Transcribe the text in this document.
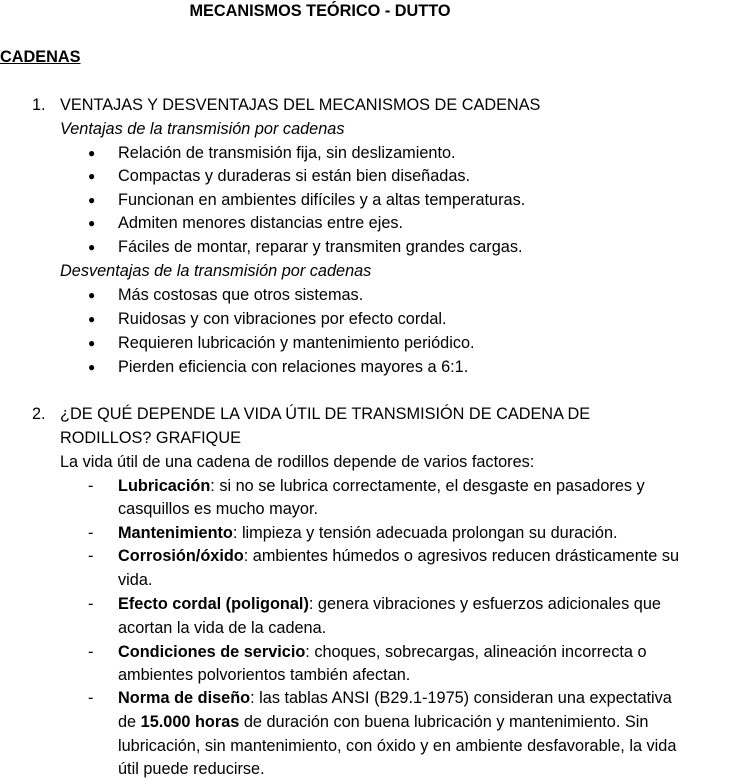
MECANISMOS TEÓRICO - DUTTO
CADENAS
1. VENTAJAS Y DESVENTAJAS DEL MECANISMOS DE CADENAS
Ventajas de la transmisión por cadenas
● Relación de transmisión fija, sin deslizamiento.
● Compactas y duraderas si están bien diseñadas.
● Funcionan en ambientes difíciles y a altas temperaturas.
● Admiten menores distancias entre ejes.
● Fáciles de montar, reparar y transmiten grandes cargas.
Desventajas de la transmisión por cadenas
● Más costosas que otros sistemas.
● Ruidosas y con vibraciones por efecto cordal.
● Requieren lubricación y mantenimiento periódico.
● Pierden eficiencia con relaciones mayores a 6:1.
2. ¿DE QUÉ DEPENDE LA VIDA ÚTIL DE TRANSMISIÓN DE CADENA DE
RODILLOS? GRAFIQUE
La vida útil de una cadena de rodillos depende de varios factores:
- Lubricación: si no se lubrica correctamente, el desgaste en pasadores y
casquillos es mucho mayor.
- Mantenimiento: limpieza y tensión adecuada prolongan su duración.
- Corrosión/óxido: ambientes húmedos o agresivos reducen drásticamente su
vida.
- Efecto cordal (poligonal): genera vibraciones y esfuerzos adicionales que
acortan la vida de la cadena.
- Condiciones de servicio: choques, sobrecargas, alineación incorrecta o
ambientes polvorientos también afectan.
- Norma de diseño: las tablas ANSI (B29.1-1975) consideran una expectativa
de 15.000 horas de duración con buena lubricación y mantenimiento. Sin
lubricación, sin mantenimiento, con óxido y en ambiente desfavorable, la vida
útil puede reducirse.
